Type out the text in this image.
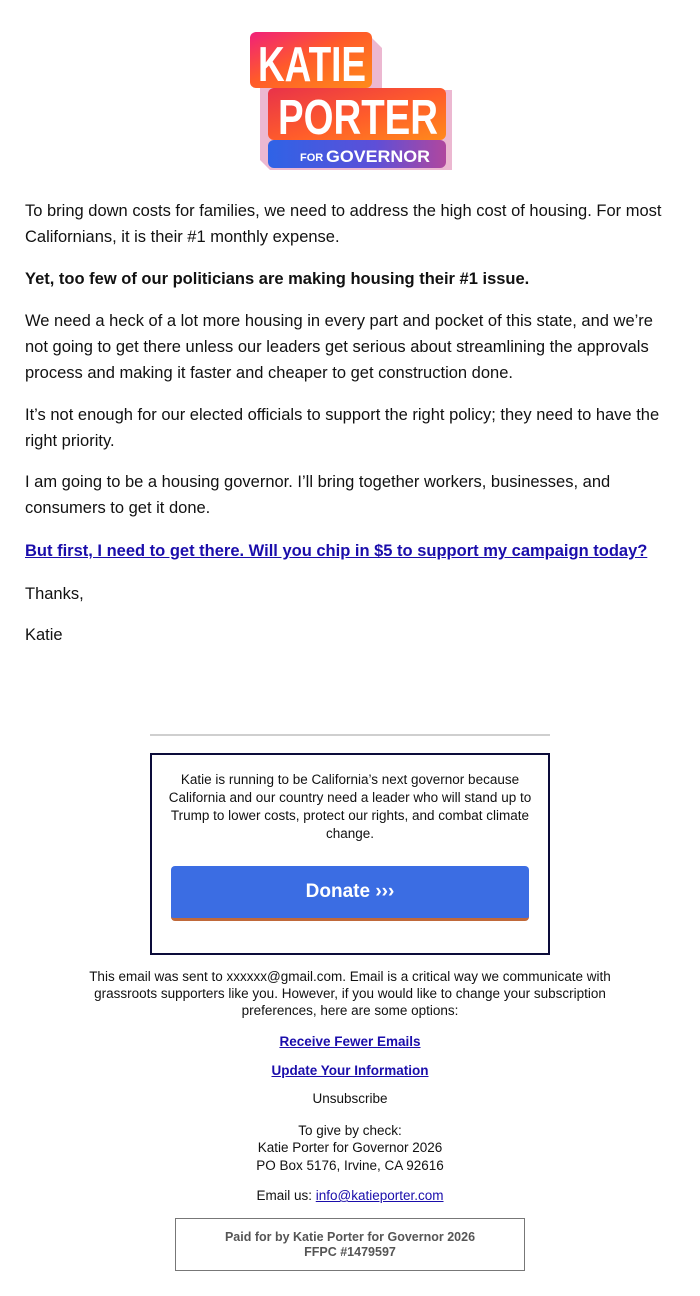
KATIE
PORTER
FOR GOVERNOR
To bring down costs for families, we need to address the high cost of housing. For most Californians, it is their #1 monthly expense.
Yet, too few of our politicians are making housing their #1 issue.
We need a heck of a lot more housing in every part and pocket of this state, and we’re not going to get there unless our leaders get serious about streamlining the approvals process and making it faster and cheaper to get construction done.
It’s not enough for our elected officials to support the right policy; they need to have the right priority.
I am going to be a housing governor. I’ll bring together workers, businesses, and consumers to get it done.
But first, I need to get there. Will you chip in $5 to support my campaign today?
Thanks,
Katie
Katie is running to be California’s next governor because California and our country need a leader who will stand up to Trump to lower costs, protect our rights, and combat climate change.
Donate ›››
This email was sent to xxxxxx@gmail.com. Email is a critical way we communicate with grassroots supporters like you. However, if you would like to change your subscription preferences, here are some options:
Receive Fewer Emails
Update Your Information
Unsubscribe
To give by check:
Katie Porter for Governor 2026
PO Box 5176, Irvine, CA 92616
Email us: info@katieporter.com
Paid for by Katie Porter for Governor 2026
FFPC #1479597
